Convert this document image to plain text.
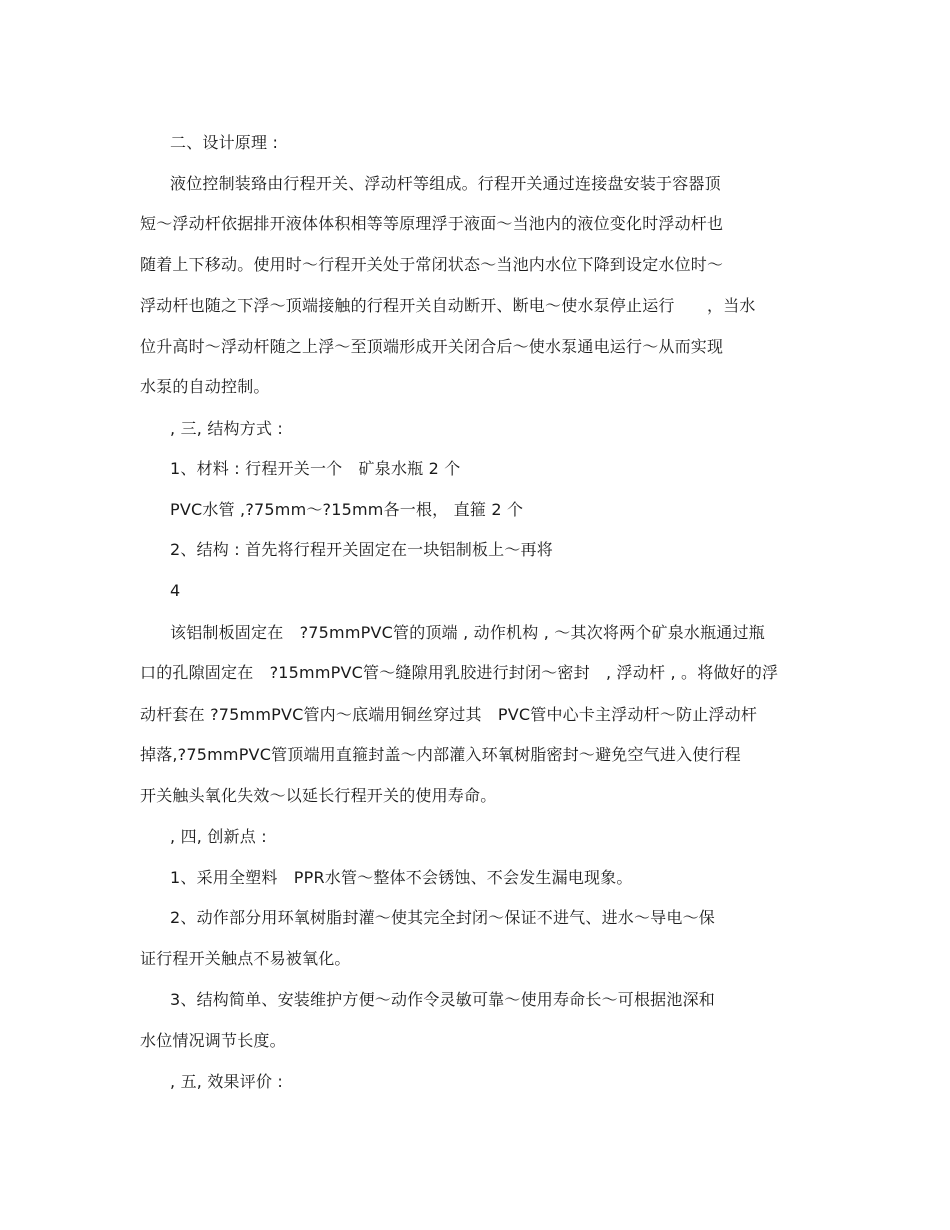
二、设计原理 :
液位控制装臵由行程开关、浮动杆等组成。行程开关通过连接盘安装于容器顶
短～浮动杆依据排开液体体积相等等原理浮于液面～当池内的液位变化时浮动杆也
随着上下移动。使用时～行程开关处于常闭状态～当池内水位下降到设定水位时～
浮动杆也随之下浮～顶端接触的行程开关自动断开、断电～使水泵停止运行　　，当水
位升高时～浮动杆随之上浮～至顶端形成开关闭合后～使水泵通电运行～从而实现
水泵的自动控制。
, 三, 结构方式 :
1、材料 : 行程开关一个　矿泉水瓶 2 个
PVC水管 ,?75mm～?15mm各一根， 直箍 2 个
2、结构 : 首先将行程开关固定在一块铝制板上～再将
4
该铝制板固定在　?75mmPVC管的顶端 , 动作机构 , ～其次将两个矿泉水瓶通过瓶
口的孔隙固定在　?15mmPVC管～缝隙用乳胶进行封闭～密封　, 浮动杆 , 。将做好的浮
动杆套在 ?75mmPVC管内～底端用铜丝穿过其　PVC管中心卡主浮动杆～防止浮动杆
掉落,?75mmPVC管顶端用直箍封盖～内部灌入环氧树脂密封～避免空气进入使行程
开关触头氧化失效～以延长行程开关的使用寿命。
, 四, 创新点 :
1、采用全塑料　PPR水管～整体不会锈蚀、不会发生漏电现象。
2、动作部分用环氧树脂封灌～使其完全封闭～保证不进气、进水～导电～保
证行程开关触点不易被氧化。
3、结构简单、安装维护方便～动作令灵敏可靠～使用寿命长～可根据池深和
水位情况调节长度。
, 五, 效果评价 :
